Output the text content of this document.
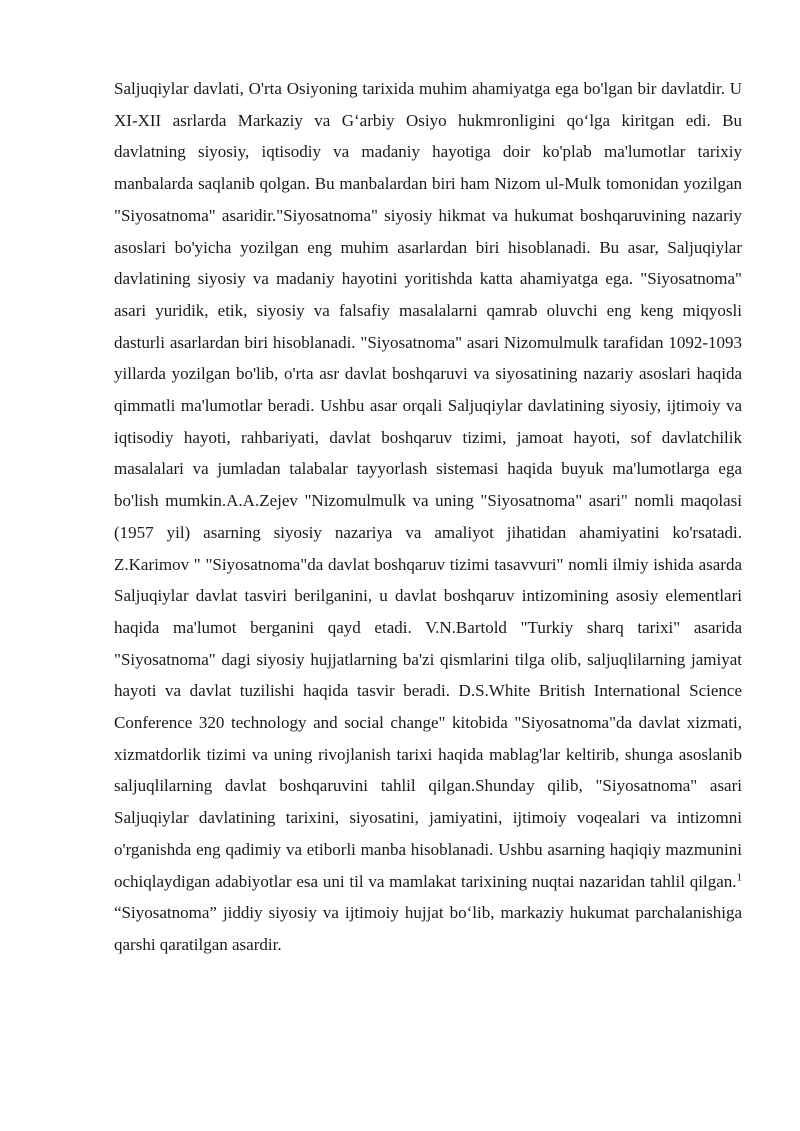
Saljuqiylar davlati, O'rta Osiyoning tarixida muhim ahamiyatga ega bo'lgan bir davlatdir. U XI-XII asrlarda Markaziy va G‘arbiy Osiyo hukmronligini qo‘lga kiritgan edi. Bu davlatning siyosiy, iqtisodiy va madaniy hayotiga doir ko'plab ma'lumotlar tarixiy manbalarda saqlanib qolgan. Bu manbalardan biri ham Nizom ul-Mulk tomonidan yozilgan "Siyosatnoma" asaridir."Siyosatnoma" siyosiy hikmat va hukumat boshqaruvining nazariy asoslari bo'yicha yozilgan eng muhim asarlardan biri hisoblanadi. Bu asar, Saljuqiylar davlatining siyosiy va madaniy hayotini yoritishda katta ahamiyatga ega. "Siyosatnoma" asari yuridik, etik, siyosiy va falsafiy masalalarni qamrab oluvchi eng keng miqyosli dasturli asarlardan biri hisoblanadi. "Siyosatnoma" asari Nizomulmulk tarafidan 1092-1093 yillarda yozilgan bo'lib, o'rta asr davlat boshqaruvi va siyosatining nazariy asoslari haqida qimmatli ma'lumotlar beradi. Ushbu asar orqali Saljuqiylar davlatining siyosiy, ijtimoiy va iqtisodiy hayoti, rahbariyati, davlat boshqaruv tizimi, jamoat hayoti, sof davlatchilik masalalari va jumladan talabalar tayyorlash sistemasi haqida buyuk ma'lumotlarga ega bo'lish mumkin.A.A.Zejev "Nizomulmulk va uning "Siyosatnoma" asari" nomli maqolasi (1957 yil) asarning siyosiy nazariya va amaliyot jihatidan ahamiyatini ko'rsatadi. Z.Karimov " "Siyosatnoma"da davlat boshqaruv tizimi tasavvuri" nomli ilmiy ishida asarda Saljuqiylar davlat tasviri berilganini, u davlat boshqaruv intizomining asosiy elementlari haqida ma'lumot berganini qayd etadi. V.N.Bartold "Turkiy sharq tarixi" asarida "Siyosatnoma" dagi siyosiy hujjatlarning ba'zi qismlarini tilga olib, saljuqlilarning jamiyat hayoti va davlat tuzilishi haqida tasvir beradi. D.S.White British International Science Conference 320 technology and social change" kitobida "Siyosatnoma"da davlat xizmati, xizmatdorlik tizimi va uning rivojlanish tarixi haqida mablag'lar keltirib, shunga asoslanib saljuqlilarning davlat boshqaruvini tahlil qilgan.Shunday qilib, "Siyosatnoma" asari Saljuqiylar davlatining tarixini, siyosatini, jamiyatini, ijtimoiy voqealari va intizomni o'rganishda eng qadimiy va etiborli manba hisoblanadi. Ushbu asarning haqiqiy mazmunini ochiqlaydigan adabiyotlar esa uni til va mamlakat tarixining nuqtai nazaridan tahlil qilgan.$^1$ “Siyosatnoma” jiddiy siyosiy va ijtimoiy hujjat bo‘lib, markaziy hukumat parchalanishiga qarshi qaratilgan asardir.
